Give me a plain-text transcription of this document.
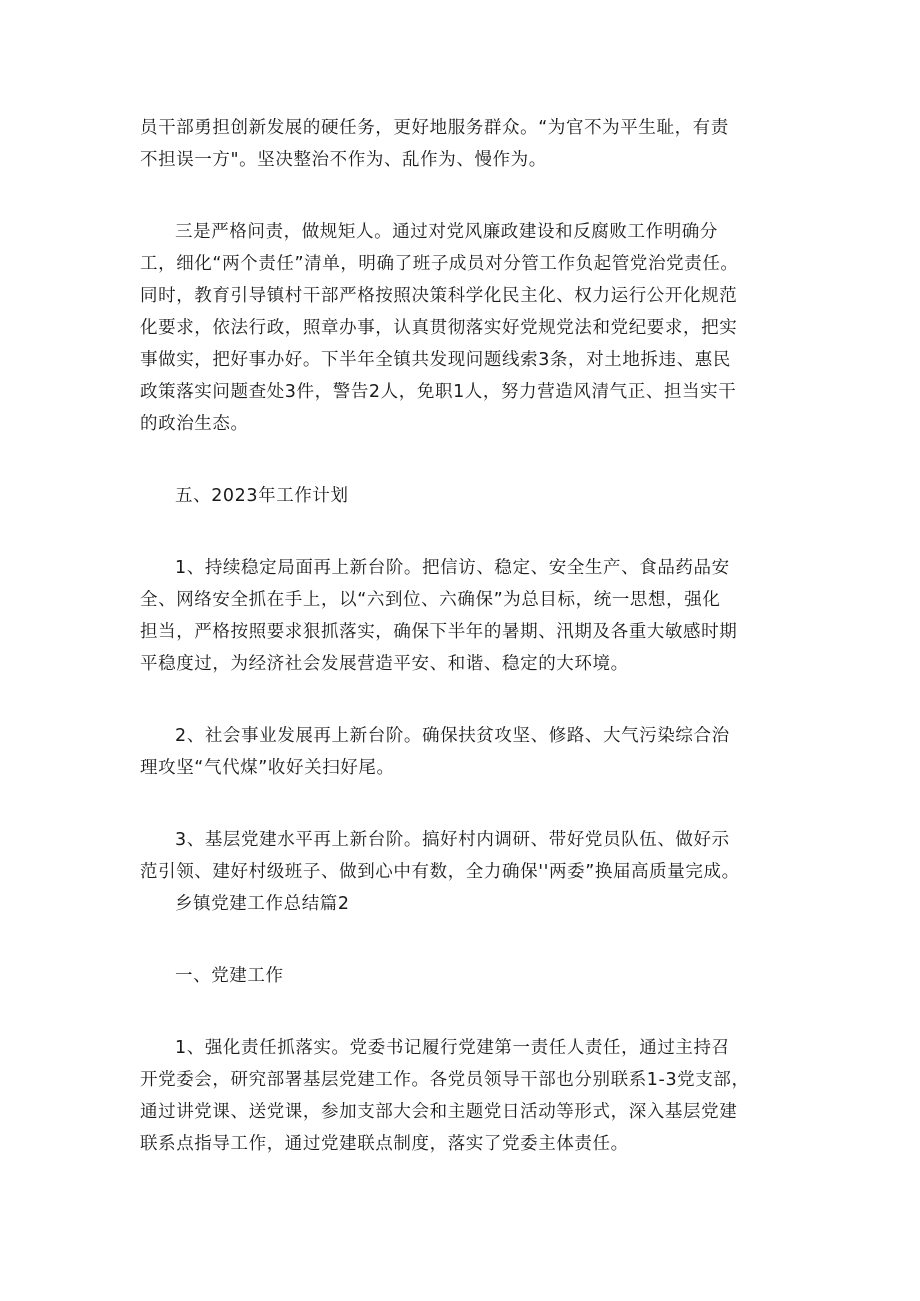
员干部勇担创新发展的硬任务，更好地服务群众。“为官不为平生耻，有责
不担误一方"。坚决整治不作为、乱作为、慢作为。

三是严格问责，做规矩人。通过对党风廉政建设和反腐败工作明确分
工，细化“两个责任”清单，明确了班子成员对分管工作负起管党治党责任。
同时，教育引导镇村干部严格按照决策科学化民主化、权力运行公开化规范
化要求，依法行政，照章办事，认真贯彻落实好党规党法和党纪要求，把实
事做实，把好事办好。下半年全镇共发现问题线索3条，对土地拆违、惠民
政策落实问题查处3件，警告2人，免职1人，努力营造风清气正、担当实干
的政治生态。

五、2023年工作计划

1、持续稳定局面再上新台阶。把信访、稳定、安全生产、食品药品安
全、网络安全抓在手上，以“六到位、六确保”为总目标，统一思想，强化
担当，严格按照要求狠抓落实，确保下半年的暑期、汛期及各重大敏感时期
平稳度过，为经济社会发展营造平安、和谐、稳定的大环境。

2、社会事业发展再上新台阶。确保扶贫攻坚、修路、大气污染综合治
理攻坚“气代煤”收好关扫好尾。

3、基层党建水平再上新台阶。搞好村内调研、带好党员队伍、做好示
范引领、建好村级班子、做到心中有数，全力确保''两委”换届高质量完成。

乡镇党建工作总结篇2

一、党建工作

1、强化责任抓落实。党委书记履行党建第一责任人责任，通过主持召
开党委会，研究部署基层党建工作。各党员领导干部也分别联系1-3党支部，
通过讲党课、送党课，参加支部大会和主题党日活动等形式，深入基层党建
联系点指导工作，通过党建联点制度，落实了党委主体责任。
